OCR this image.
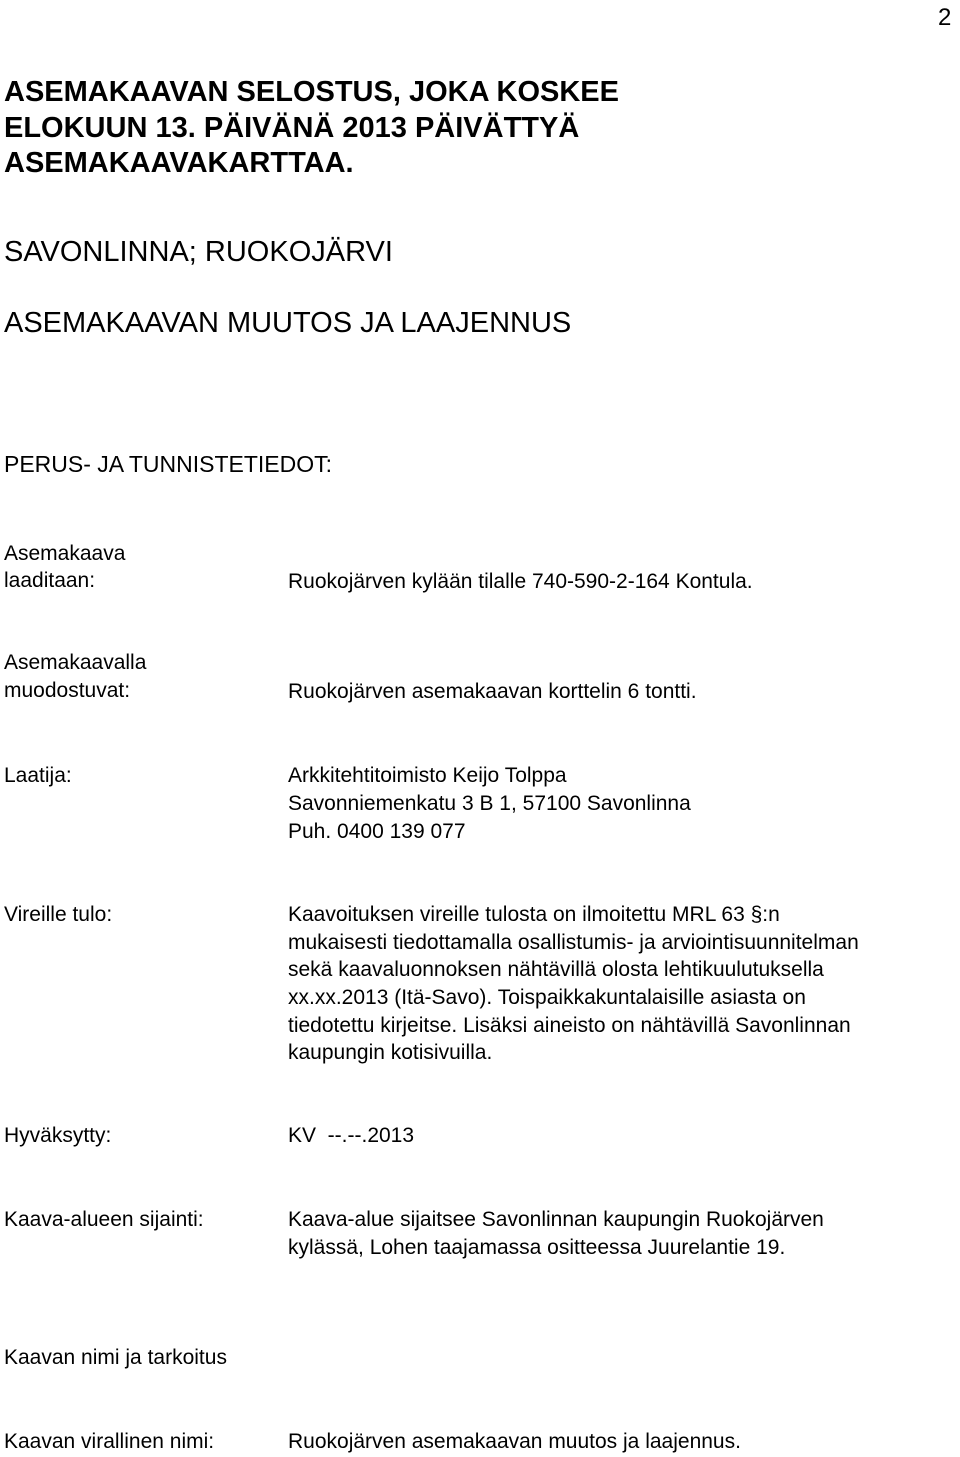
2
ASEMAKAAVAN SELOSTUS, JOKA KOSKEE
ELOKUUN 13. PÄIVÄNÄ 2013 PÄIVÄTTYÄ
ASEMAKAAVAKARTTAA.
SAVONLINNA; RUOKOJÄRVI
ASEMAKAAVAN MUUTOS JA LAAJENNUS
PERUS- JA TUNNISTETIEDOT:
Asemakaava
laaditaan:	Ruokojärven kylään tilalle 740-590-2-164 Kontula.
Asemakaavalla
muodostuvat:	Ruokojärven asemakaavan korttelin 6 tontti.
Laatija:	Arkkitehtitoimisto Keijo Tolppa
Savonniemenkatu 3 B 1, 57100 Savonlinna
Puh. 0400 139 077
Vireille tulo:	Kaavoituksen vireille tulosta on ilmoitettu MRL 63 §:n
mukaisesti tiedottamalla osallistumis- ja arviointisuunnitelman
sekä kaavaluonnoksen nähtävillä olosta lehtikuulutuksella
xx.xx.2013 (Itä-Savo). Toispaikkakuntalaisille asiasta on
tiedotettu kirjeitse. Lisäksi aineisto on nähtävillä Savonlinnan
kaupungin kotisivuilla.
Hyväksytty:	KV  --.--.2013
Kaava-alueen sijainti:	Kaava-alue sijaitsee Savonlinnan kaupungin Ruokojärven
kylässä, Lohen taajamassa ositteessa Juurelantie 19.
Kaavan nimi ja tarkoitus
Kaavan virallinen nimi:	Ruokojärven asemakaavan muutos ja laajennus.
